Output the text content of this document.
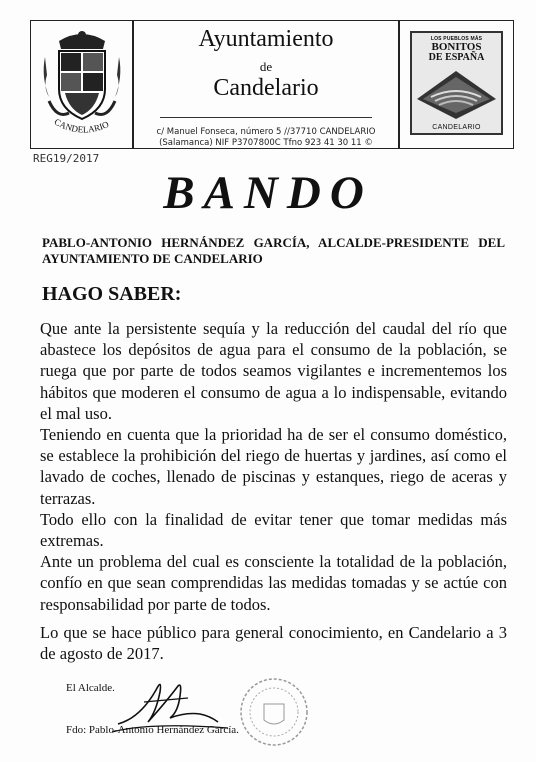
CANDELARIO
Ayuntamiento
de
Candelario
c/ Manuel Fonseca, número 5 //37710 CANDELARIO
(Salamanca) NIF P3707800C Tfno 923 41 30 11 ©
LOS PUEBLOS MÁS
BONITOS
DE ESPAÑA
CANDELARIO
REG19/2017
BANDO
PABLO-ANTONIO HERNÁNDEZ GARCÍA, ALCALDE-PRESIDENTE DEL AYUNTAMIENTO DE CANDELARIO
HAGO SABER:

Que ante la persistente sequía y la reducción del caudal del río que abastece los depósitos de agua para el consumo de la población, se ruega que por parte de todos seamos vigilantes e incrementemos los hábitos que moderen el consumo de agua a lo indispensable, evitando el mal uso.

Teniendo en cuenta que la prioridad ha de ser el consumo doméstico, se establece la prohibición del riego de huertas y jardines, así como el lavado de coches, llenado de piscinas y estanques, riego de aceras y terrazas.

Todo ello con la finalidad de evitar tener que tomar medidas más extremas.

Ante un problema del cual es consciente la totalidad de la población, confío en que sean comprendidas las medidas tomadas y se actúe con responsabilidad por parte de todos.

Lo que se hace público para general conocimiento, en Candelario a 3 de agosto de 2017.
El Alcalde.
Fdo: Pablo-Antonio Hernández García.
